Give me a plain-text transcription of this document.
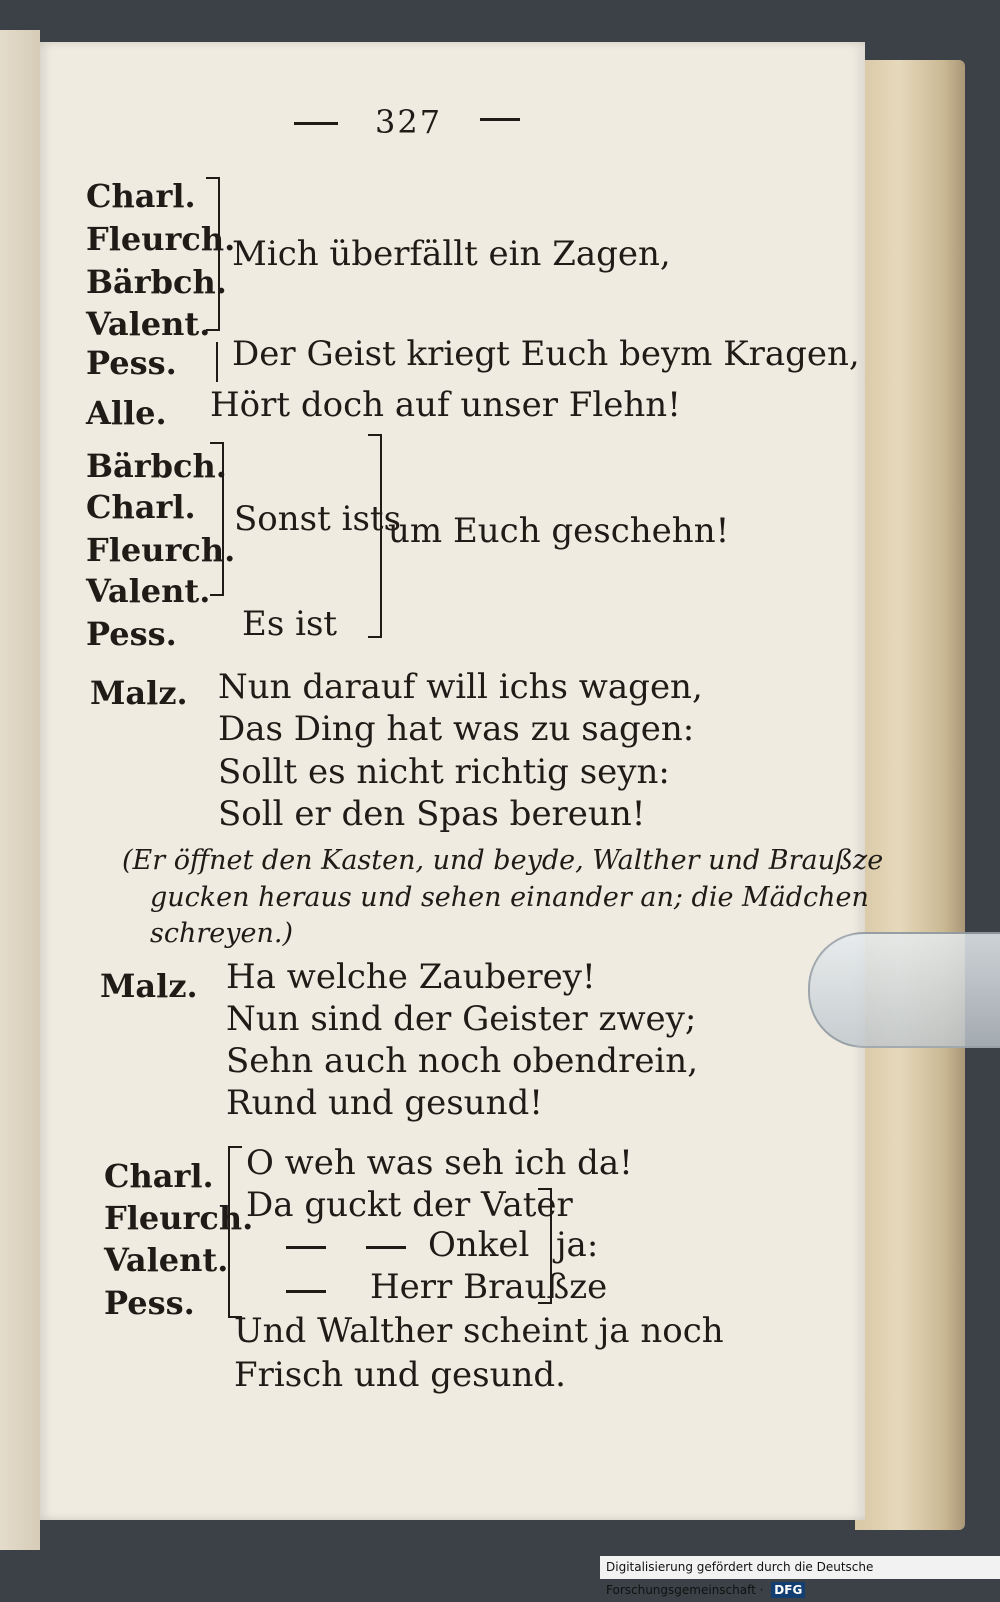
327
Charl.
Fleurch.
Bärbch.
Valent.
Mich überfällt ein Zagen,
Pess. Der Geist kriegt Euch beym Kragen,
Alle. Hört doch auf unser Flehn!
Bärbch.
Charl.
Fleurch.
Valent.
Pess.
Sonst ists
Es ist
um Euch geschehn!
Malz. Nun darauf will ichs wagen,
Das Ding hat was zu sagen:
Sollt es nicht richtig seyn:
Soll er den Spas bereun!
(Er öffnet den Kasten, und beyde, Walther und Braußze
gucken heraus und sehen einander an; die Mädchen
schreyen.)
Malz. Ha welche Zauberey!
Nun sind der Geister zwey;
Sehn auch noch obendrein,
Rund und gesund!
Charl.
Fleurch.
Valent.
Pess.
O weh was seh ich da!
Da guckt der Vater
Onkel
Herr Braußze
ja:
Und Walther scheint ja noch
Frisch und gesund.
Digitalisierung gefördert durch die Deutsche Forschungsgemeinschaft · DFG
